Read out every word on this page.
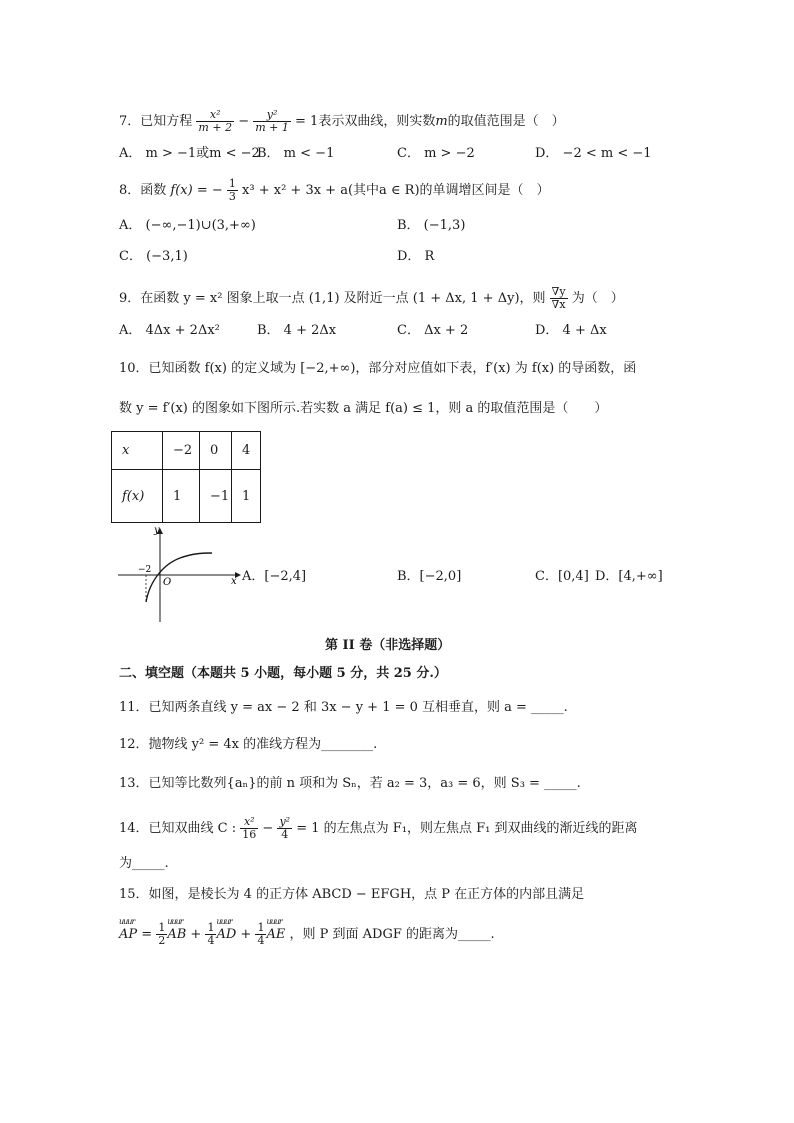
7．已知方程 $\frac{\text{x²}}{m + 2} - \frac{\text{y²}}{m + 1} = 1$表示双曲线，则实数m的取值范围是（　）
A． m > −1或m < −2
B． m < −1	C． m > −2	D． −2 < m < −1
8．函数 f(x) = − $\frac{1}{3} x^3 + x^2 + 3x + a$(其中a ∈ R)的单调增区间是（　）
A． (−∞,−1)∪(3,+∞)	B． (−1,3)
C． (−3,1)	D． R
9．在函数 y = x² 图象上取一点 (1,1) 及附近一点 (1 + Δx, 1 + Δy)，则 $\frac{\nabla y}{\nabla x}$ 为（　）
A． 4Δx + 2Δx²	B． 4 + 2Δx	C． Δx + 2	D． 4 + Δx
10．已知函数 f(x) 的定义域为 [−2,+∞)，部分对应值如下表，f′(x) 为 f(x) 的导函数，函
数 y = f′(x) 的图象如下图所示.若实数 a 满足 f(a) ≤ 1，则 a 的取值范围是（　　）
x	−2	0	4
f(x)	1	−1	1
y
x
O
−2	A．[−2,4]	B．[−2,0]	C．[0,4] D．[4,+∞]
第 II 卷（非选择题）
二、填空题（本题共 5 小题，每小题 5 分，共 25 分.）
11．已知两条直线 y = ax − 2 和 3x − y + 1 = 0 互相垂直，则 a = _____.
12．抛物线 y² = 4x 的准线方程为________.
13．已知等比数列{aₙ}的前 n 项和为 Sₙ，若 a₂ = 3，a₃ = 6，则 S₃ = _____.
14．已知双曲线 C : $\frac{\text{x²}}{16} - \frac{\text{y²}}{4} = 1$ 的左焦点为 F₁，则左焦点 F₁ 到双曲线的渐近线的距离
为_____.
15．如图，是棱长为 4 的正方体 ABCD − EFGH，点 P 在正方体的内部且满足
uuur
AP = $\frac{1}{2}$
uuur
AB + $\frac{1}{4}$
uuur
AD + $\frac{1}{4}$
uuur
AE ，则 P 到面 ADGF 的距离为_____.
